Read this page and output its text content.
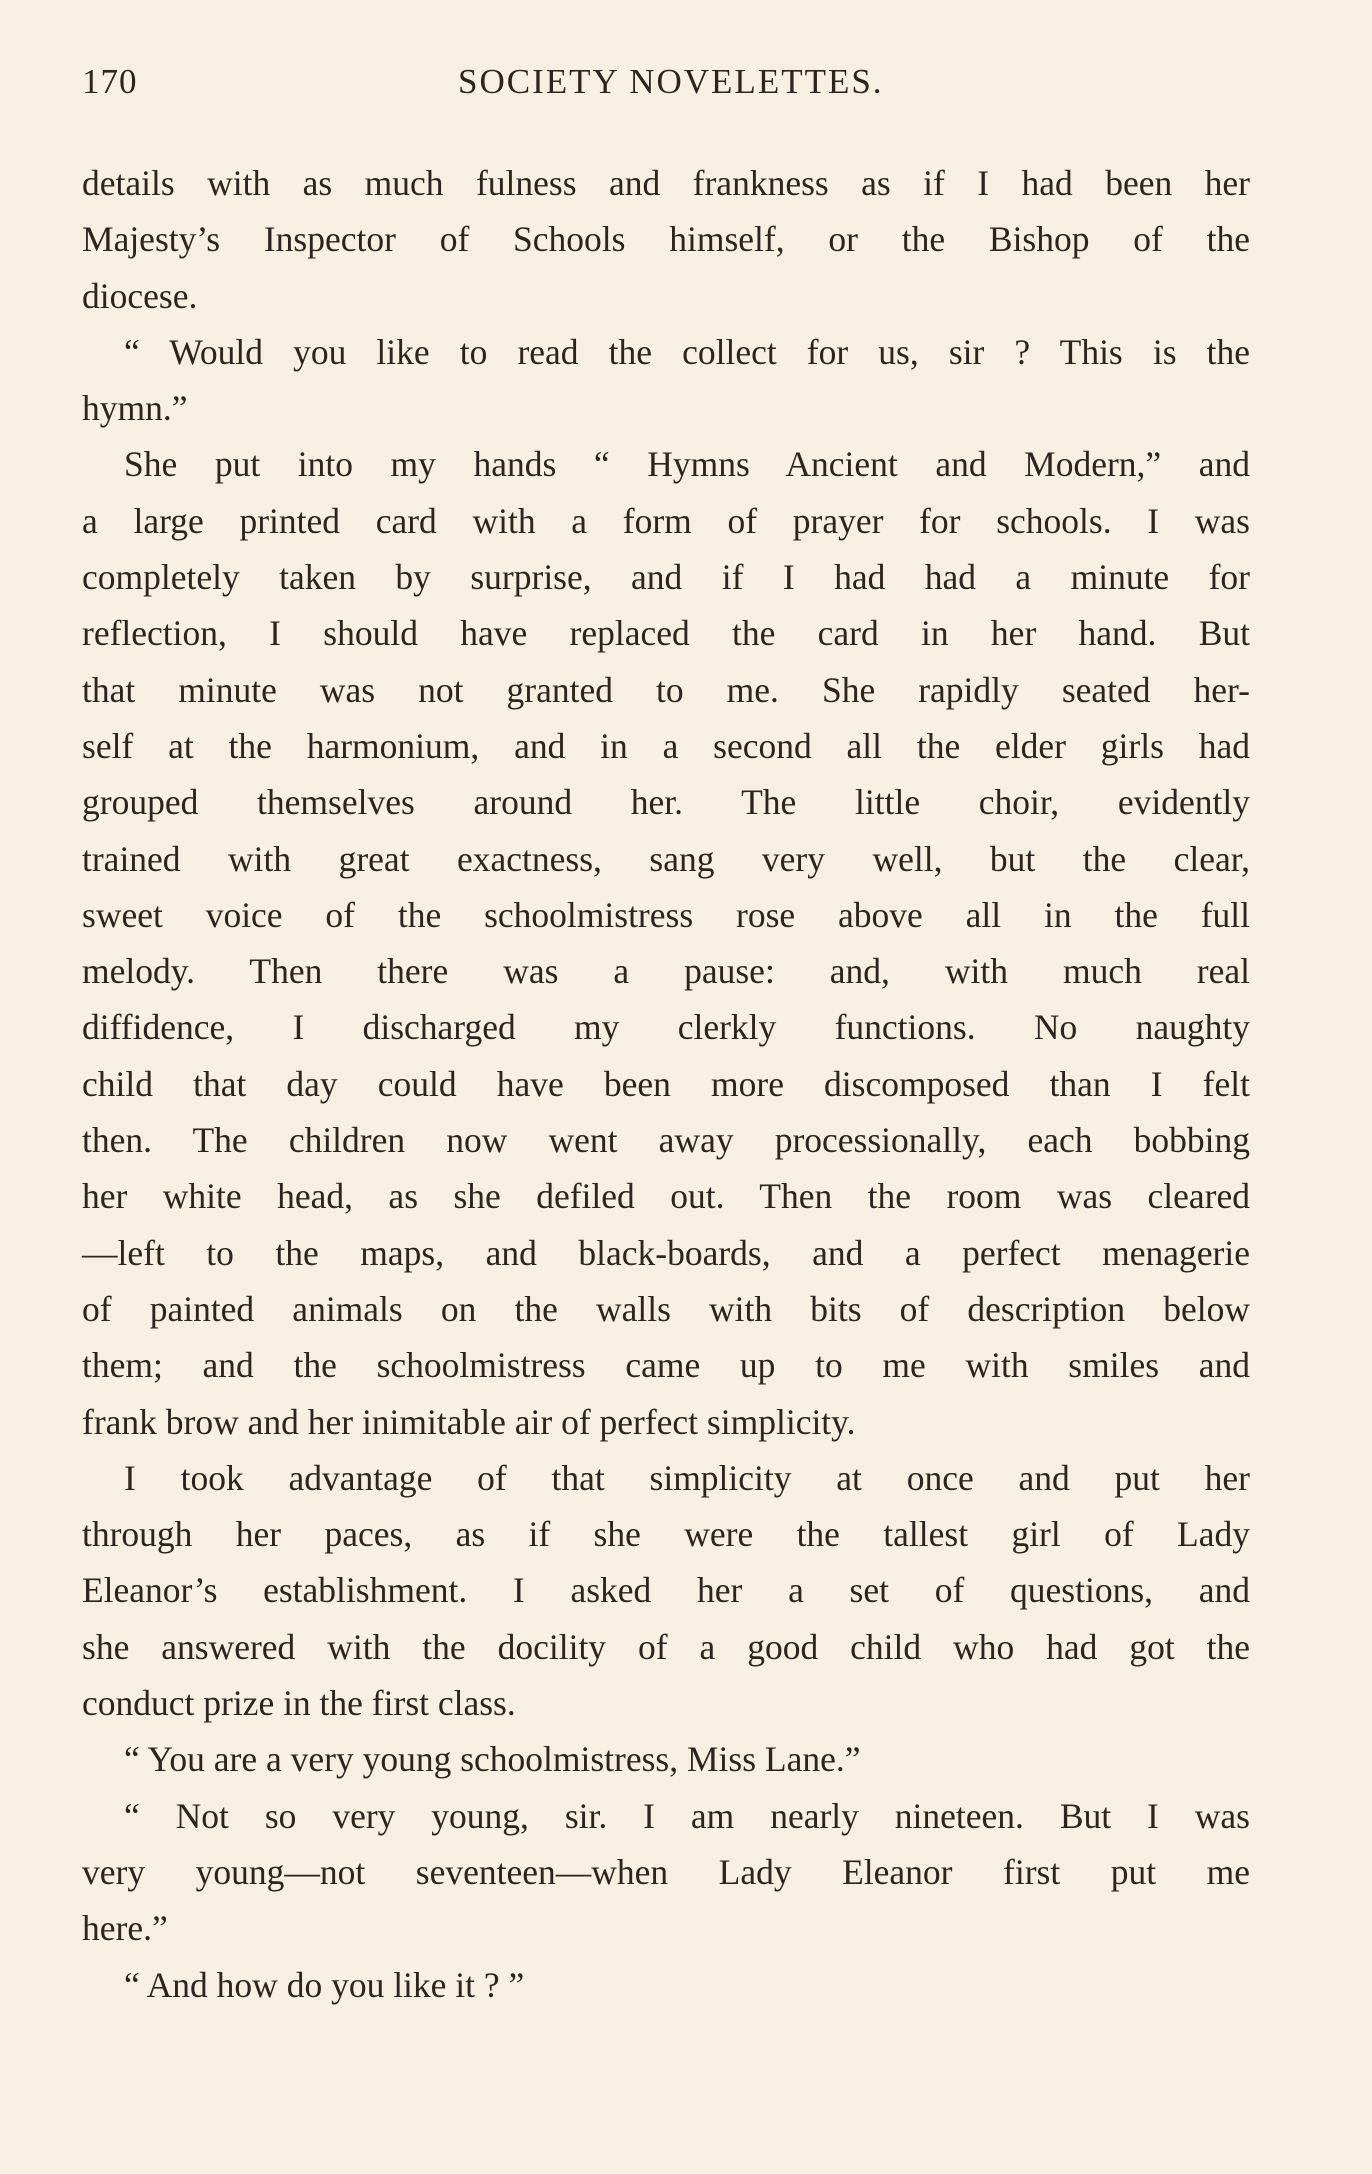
170	SOCIETY NOVELETTES.
details with as much fulness and frankness as if I had been her
Majesty’s Inspector of Schools himself, or the Bishop of the
diocese.
“ Would you like to read the collect for us, sir ? This is the
hymn.”
She put into my hands “ Hymns Ancient and Modern,” and
a large printed card with a form of prayer for schools. I was
completely taken by surprise, and if I had had a minute for
reflection, I should have replaced the card in her hand. But
that minute was not granted to me. She rapidly seated her-
self at the harmonium, and in a second all the elder girls had
grouped themselves around her. The little choir, evidently
trained with great exactness, sang very well, but the clear,
sweet voice of the schoolmistress rose above all in the full
melody. Then there was a pause: and, with much real
diffidence, I discharged my clerkly functions. No naughty
child that day could have been more discomposed than I felt
then. The children now went away processionally, each bobbing
her white head, as she defiled out. Then the room was cleared
—left to the maps, and black-boards, and a perfect menagerie
of painted animals on the walls with bits of description below
them; and the schoolmistress came up to me with smiles and
frank brow and her inimitable air of perfect simplicity.
I took advantage of that simplicity at once and put her
through her paces, as if she were the tallest girl of Lady
Eleanor’s establishment. I asked her a set of questions, and
she answered with the docility of a good child who had got the
conduct prize in the first class.
“ You are a very young schoolmistress, Miss Lane.”
“ Not so very young, sir. I am nearly nineteen. But I was
very young—not seventeen—when Lady Eleanor first put me
here.”
“ And how do you like it ? ”
